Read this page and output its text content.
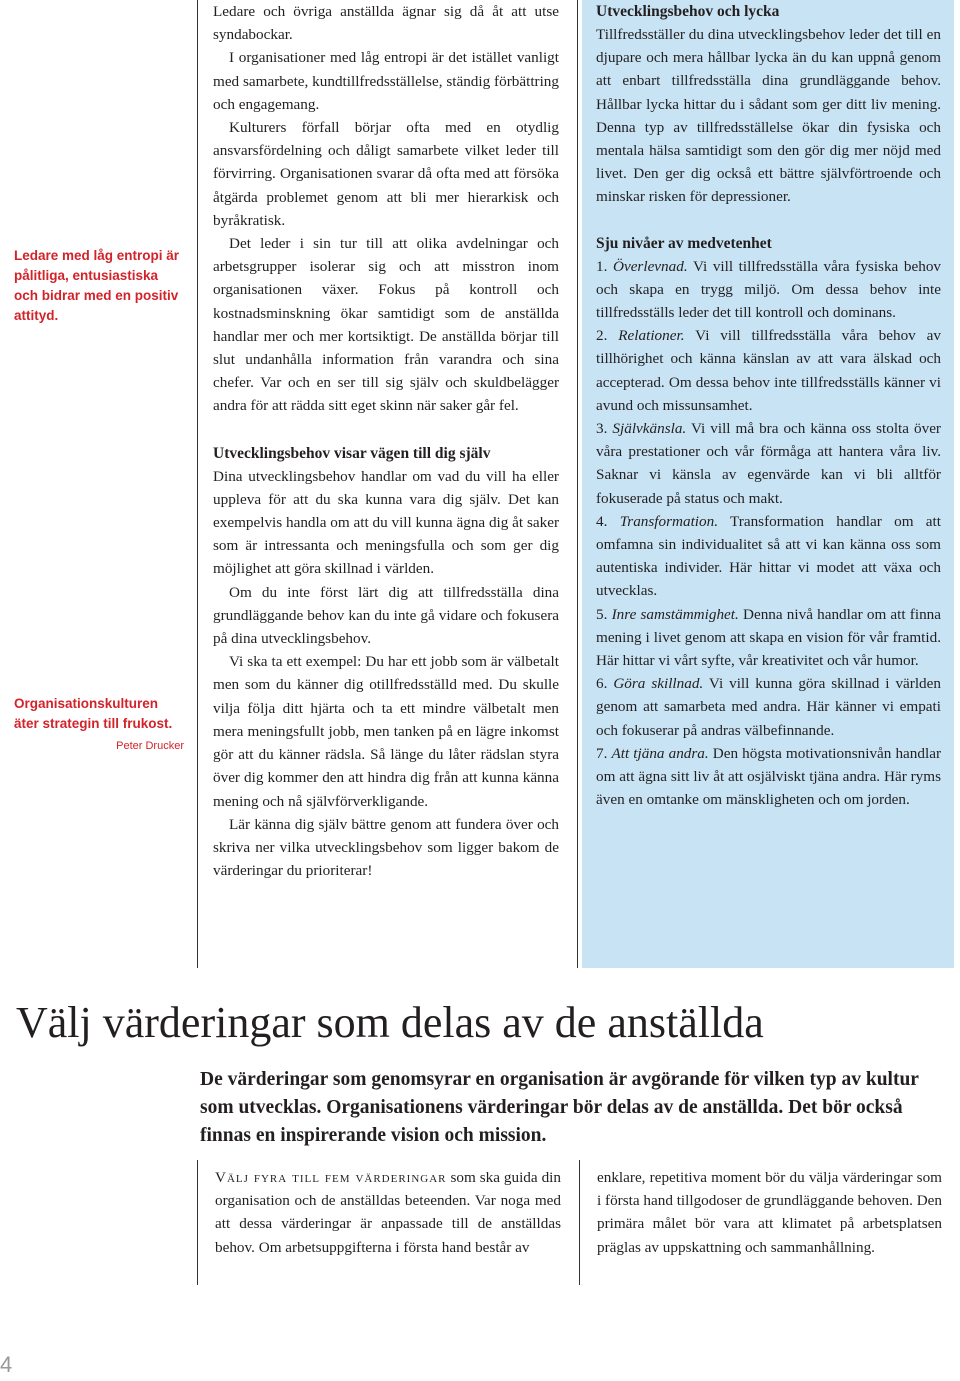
Ledare med låg entropi är pålitliga, entusiastiska och bidrar med en positiv attityd.
Organisationskulturen äter strategin till frukost.
Peter Drucker

Ledare och övriga anställda ägnar sig då åt att utse syndabockar.

I organisationer med låg entropi är det istället vanligt med samarbete, kundtillfredsställelse, ständig förbättring och engagemang.

Kulturers förfall börjar ofta med en otydlig ansvarsfördelning och dåligt samarbete vilket leder till förvirring. Organisationen svarar då ofta med att försöka åtgärda problemet genom att bli mer hierarkisk och byråkratisk.

Det leder i sin tur till att olika avdelningar och arbetsgrupper isolerar sig och att misstron inom organisationen växer. Fokus på kontroll och kostnadsminskning ökar samtidigt som de anställda handlar mer och mer kortsiktigt. De anställda börjar till slut undanhålla information från varandra och sina chefer. Var och en ser till sig själv och skuldbelägger andra för att rädda sitt eget skinn när saker går fel.

Utvecklingsbehov visar vägen till dig själv

Dina utvecklingsbehov handlar om vad du vill ha eller uppleva för att du ska kunna vara dig själv. Det kan exempelvis handla om att du vill kunna ägna dig åt saker som är intressanta och meningsfulla och som ger dig möjlighet att göra skillnad i världen.

Om du inte först lärt dig att tillfredsställa dina grundläggande behov kan du inte gå vidare och fokusera på dina utvecklingsbehov.

Vi ska ta ett exempel: Du har ett jobb som är välbetalt men som du känner dig otillfredsställd med. Du skulle vilja följa ditt hjärta och ta ett mindre välbetalt men mera meningsfullt jobb, men tanken på en lägre inkomst gör att du känner rädsla. Så länge du låter rädslan styra över dig kommer den att hindra dig från att kunna känna mening och nå självförverkligande.

Lär känna dig själv bättre genom att fundera över och skriva ner vilka utvecklingsbehov som ligger bakom de värderingar du prioriterar!

Utvecklingsbehov och lycka

Tillfredsställer du dina utvecklingsbehov leder det till en djupare och mera hållbar lycka än du kan uppnå genom att enbart tillfredsställa dina grundläggande behov. Hållbar lycka hittar du i sådant som ger ditt liv mening. Denna typ av tillfredsställelse ökar din fysiska och mentala hälsa samtidigt som den gör dig mer nöjd med livet. Den ger dig också ett bättre självförtroende och minskar risken för depressioner.

Sju nivåer av medvetenhet

1. Överlevnad. Vi vill tillfredsställa våra fysiska behov och skapa en trygg miljö. Om dessa behov inte tillfredsställs leder det till kontroll och dominans.

2. Relationer. Vi vill tillfredsställa våra behov av tillhörighet och känna känslan av att vara älskad och accepterad. Om dessa behov inte tillfredsställs känner vi avund och missunsamhet.

3. Självkänsla. Vi vill må bra och känna oss stolta över våra prestationer och vår förmåga att hantera våra liv. Saknar vi känsla av egenvärde kan vi bli alltför fokuserade på status och makt.

4. Transformation. Transformation handlar om att omfamna sin individualitet så att vi kan känna oss som autentiska individer. Här hittar vi modet att växa och utvecklas.

5. Inre samstämmighet. Denna nivå handlar om att finna mening i livet genom att skapa en vision för vår framtid. Här hittar vi vårt syfte, vår kreativitet och vår humor.

6. Göra skillnad. Vi vill kunna göra skillnad i världen genom att samarbeta med andra. Här känner vi empati och fokuserar på andras välbefinnande.

7. Att tjäna andra. Den högsta motivationsnivån handlar om att ägna sitt liv åt att osjälviskt tjäna andra. Här ryms även en omtanke om mänskligheten och om jorden.

Välj värderingar som delas av de anställda

De värderingar som genomsyrar en organisation är avgörande för vilken typ av kultur som utvecklas. Organisationens värderingar bör delas av de anställda. Det bör också finnas en inspirerande vision och mission.

Välj fyra till fem värderingar som ska guida din organisation och de anställdas beteenden. Var noga med att dessa värderingar är anpassade till de anställdas behov. Om arbetsuppgifterna i första hand består av

enklare, repetitiva moment bör du välja värderingar som i första hand tillgodoser de grundläggande behoven. Den primära målet bör vara att klimatet på arbetsplatsen präglas av uppskattning och sammanhållning.

4
